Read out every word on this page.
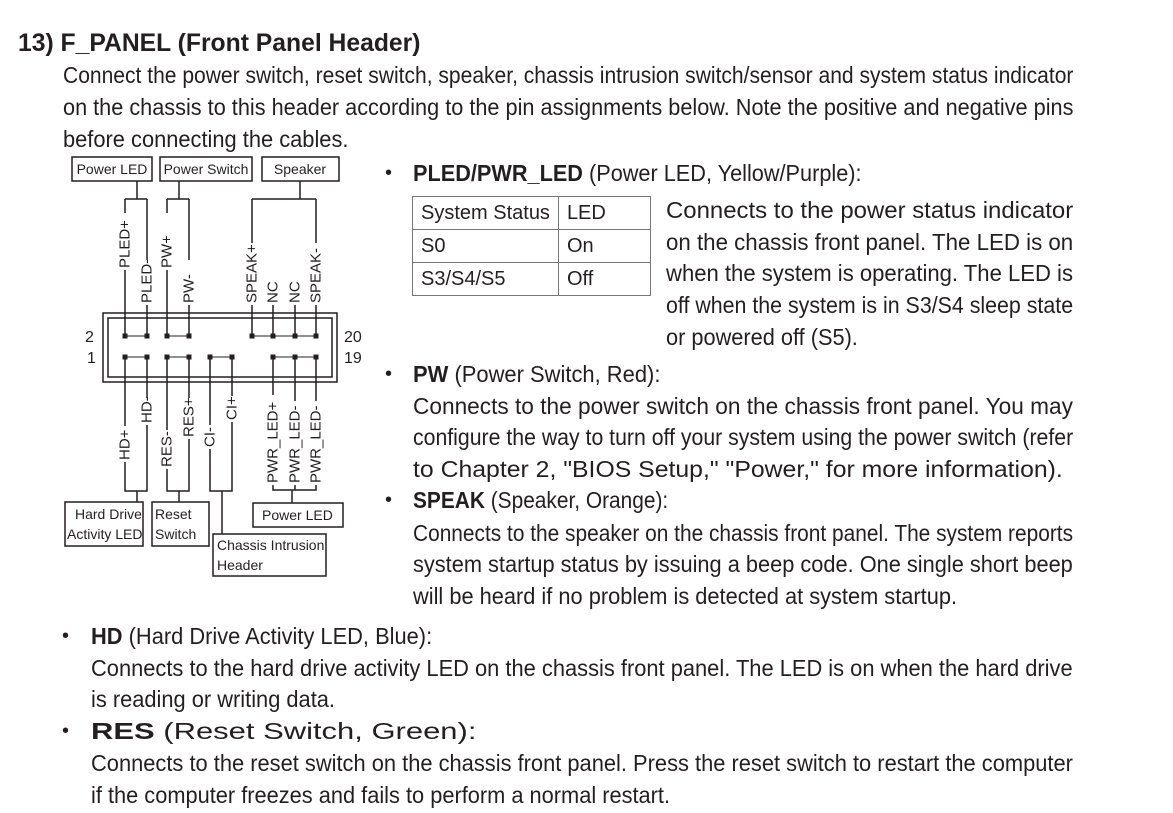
13) F_PANEL (Front Panel Header)
Connect the power switch, reset switch, speaker, chassis intrusion switch/sensor and system status indicator
on the chassis to this header according to the pin assignments below. Note the positive and negative pins
before connecting the cables.
Power LED Power Switch Speaker
PLED+
PLED-
PW+
PW-	SPEAK+ NC NC SPEAK-
HD+
HD-
RES-
RES+ CI-
CI+ PWR_LED+ PWR_LED- PWR_LED-
2
1
20
19
Hard Drive
Activity LED
Reset
Switch
Power LED
Chassis Intrusion
Header
• PLED/PWR_LED (Power LED, Yellow/Purple):
System Status	LED
S0	On
S3/S4/S5	Off
Connects to the power status indicator
on the chassis front panel. The LED is on
when the system is operating. The LED is
off when the system is in S3/S4 sleep state
or powered off (S5).
• PW (Power Switch, Red):
Connects to the power switch on the chassis front panel. You may
configure the way to turn off your system using the power switch (refer
to Chapter 2, "BIOS Setup," "Power," for more information).
• SPEAK (Speaker, Orange):
Connects to the speaker on the chassis front panel. The system reports
system startup status by issuing a beep code. One single short beep
will be heard if no problem is detected at system startup.
• HD (Hard Drive Activity LED, Blue):
Connects to the hard drive activity LED on the chassis front panel. The LED is on when the hard drive
is reading or writing data.
• RES (Reset Switch, Green):
Connects to the reset switch on the chassis front panel. Press the reset switch to restart the computer
if the computer freezes and fails to perform a normal restart.
